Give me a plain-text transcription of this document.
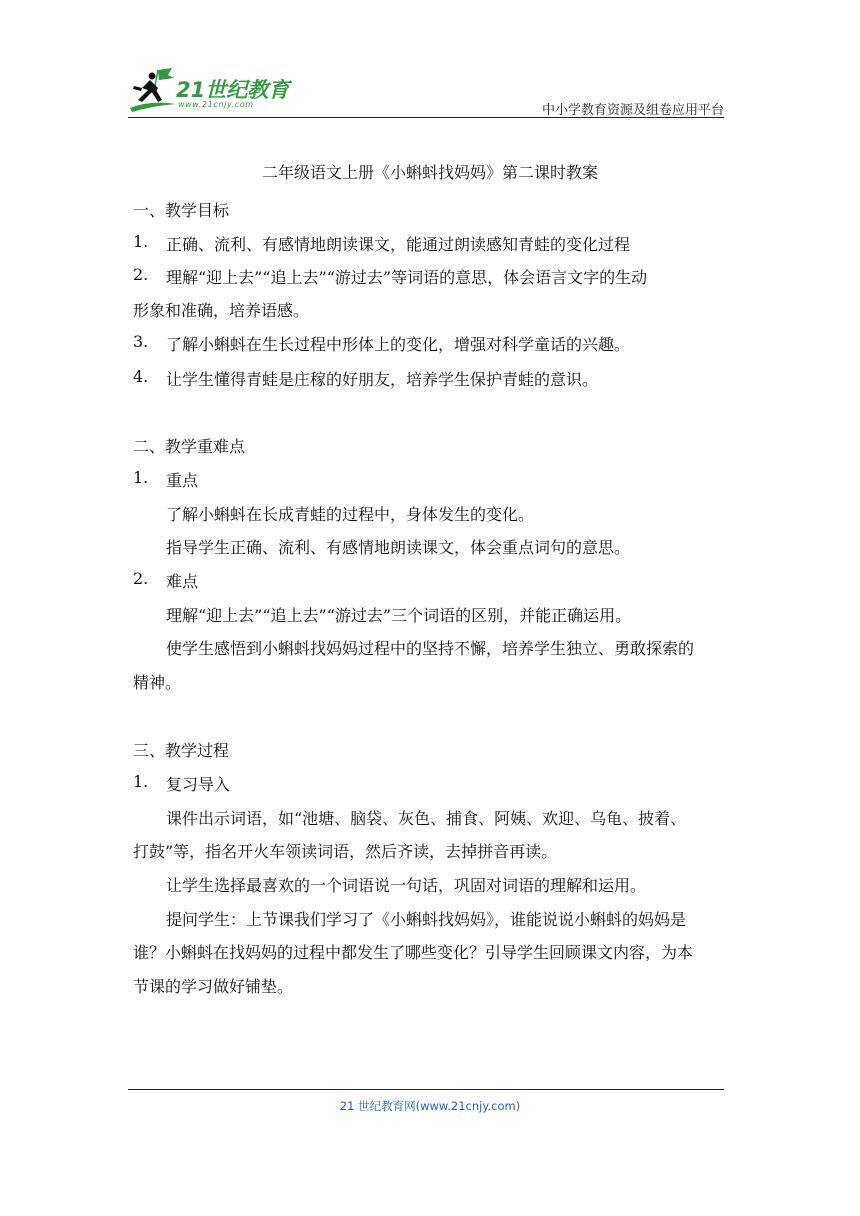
21世纪教育
www.21cnjy.com	中小学教育资源及组卷应用平台
二年级语文上册《小蝌蚪找妈妈》第二课时教案
一、教学目标
1. 正确、流利、有感情地朗读课文，能通过朗读感知青蛙的变化过程
2. 理解“迎上去”“追上去”“游过去”等词语的意思，体会语言文字的生动
形象和准确，培养语感。
3. 了解小蝌蚪在生长过程中形体上的变化，增强对科学童话的兴趣。
4. 让学生懂得青蛙是庄稼的好朋友，培养学生保护青蛙的意识。
二、教学重难点
1. 重点
了解小蝌蚪在长成青蛙的过程中，身体发生的变化。
指导学生正确、流利、有感情地朗读课文，体会重点词句的意思。
2. 难点
理解“迎上去”“追上去”“游过去”三个词语的区别，并能正确运用。
使学生感悟到小蝌蚪找妈妈过程中的坚持不懈，培养学生独立、勇敢探索的
精神。
三、教学过程
1. 复习导入
课件出示词语，如“池塘、脑袋、灰色、捕食、阿姨、欢迎、乌龟、披着、
打鼓”等，指名开火车领读词语，然后齐读，去掉拼音再读。
让学生选择最喜欢的一个词语说一句话，巩固对词语的理解和运用。
提问学生：上节课我们学习了《小蝌蚪找妈妈》，谁能说说小蝌蚪的妈妈是
谁？小蝌蚪在找妈妈的过程中都发生了哪些变化？引导学生回顾课文内容，为本
节课的学习做好铺垫。
21 世纪教育网(www.21cnjy.com)
